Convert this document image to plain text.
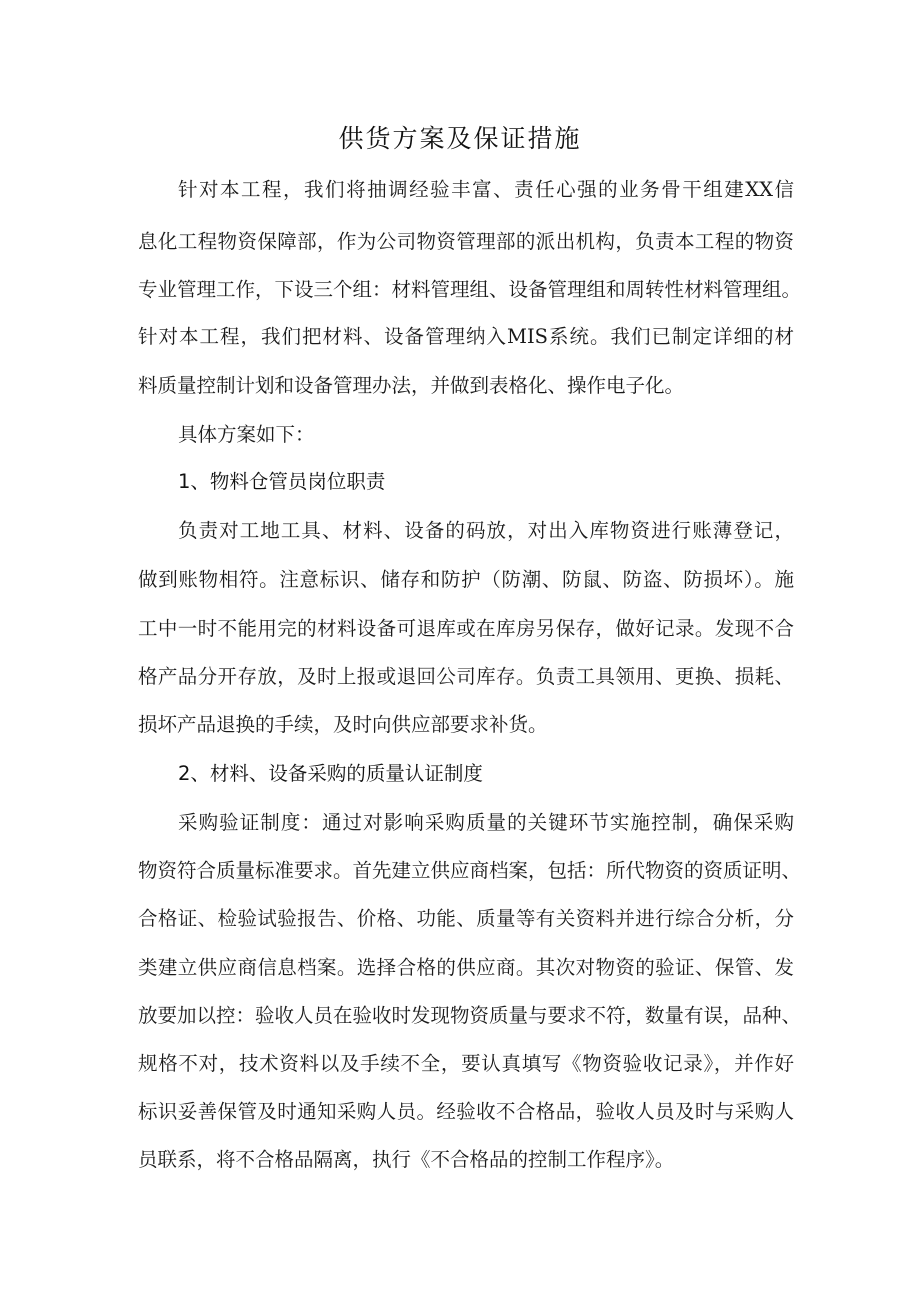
供货方案及保证措施
针对本工程，我们将抽调经验丰富、责任心强的业务骨干组建XX信
息化工程物资保障部，作为公司物资管理部的派出机构，负责本工程的物资
专业管理工作，下设三个组：材料管理组、设备管理组和周转性材料管理组。
针对本工程，我们把材料、设备管理纳入MIS系统。我们已制定详细的材
料质量控制计划和设备管理办法，并做到表格化、操作电子化。
具体方案如下：
1、物料仓管员岗位职责
负责对工地工具、材料、设备的码放，对出入库物资进行账薄登记，
做到账物相符。注意标识、储存和防护（防潮、防鼠、防盗、防损坏）。施
工中一时不能用完的材料设备可退库或在库房另保存，做好记录。发现不合
格产品分开存放，及时上报或退回公司库存。负责工具领用、更换、损耗、
损坏产品退换的手续，及时向供应部要求补货。
2、材料、设备采购的质量认证制度
采购验证制度：通过对影响采购质量的关键环节实施控制，确保采购
物资符合质量标准要求。首先建立供应商档案，包括：所代物资的资质证明、
合格证、检验试验报告、价格、功能、质量等有关资料并进行综合分析，分
类建立供应商信息档案。选择合格的供应商。其次对物资的验证、保管、发
放要加以控：验收人员在验收时发现物资质量与要求不符，数量有误，品种、
规格不对，技术资料以及手续不全，要认真填写《物资验收记录》，并作好
标识妥善保管及时通知采购人员。经验收不合格品，验收人员及时与采购人
员联系，将不合格品隔离，执行《不合格品的控制工作程序》。
